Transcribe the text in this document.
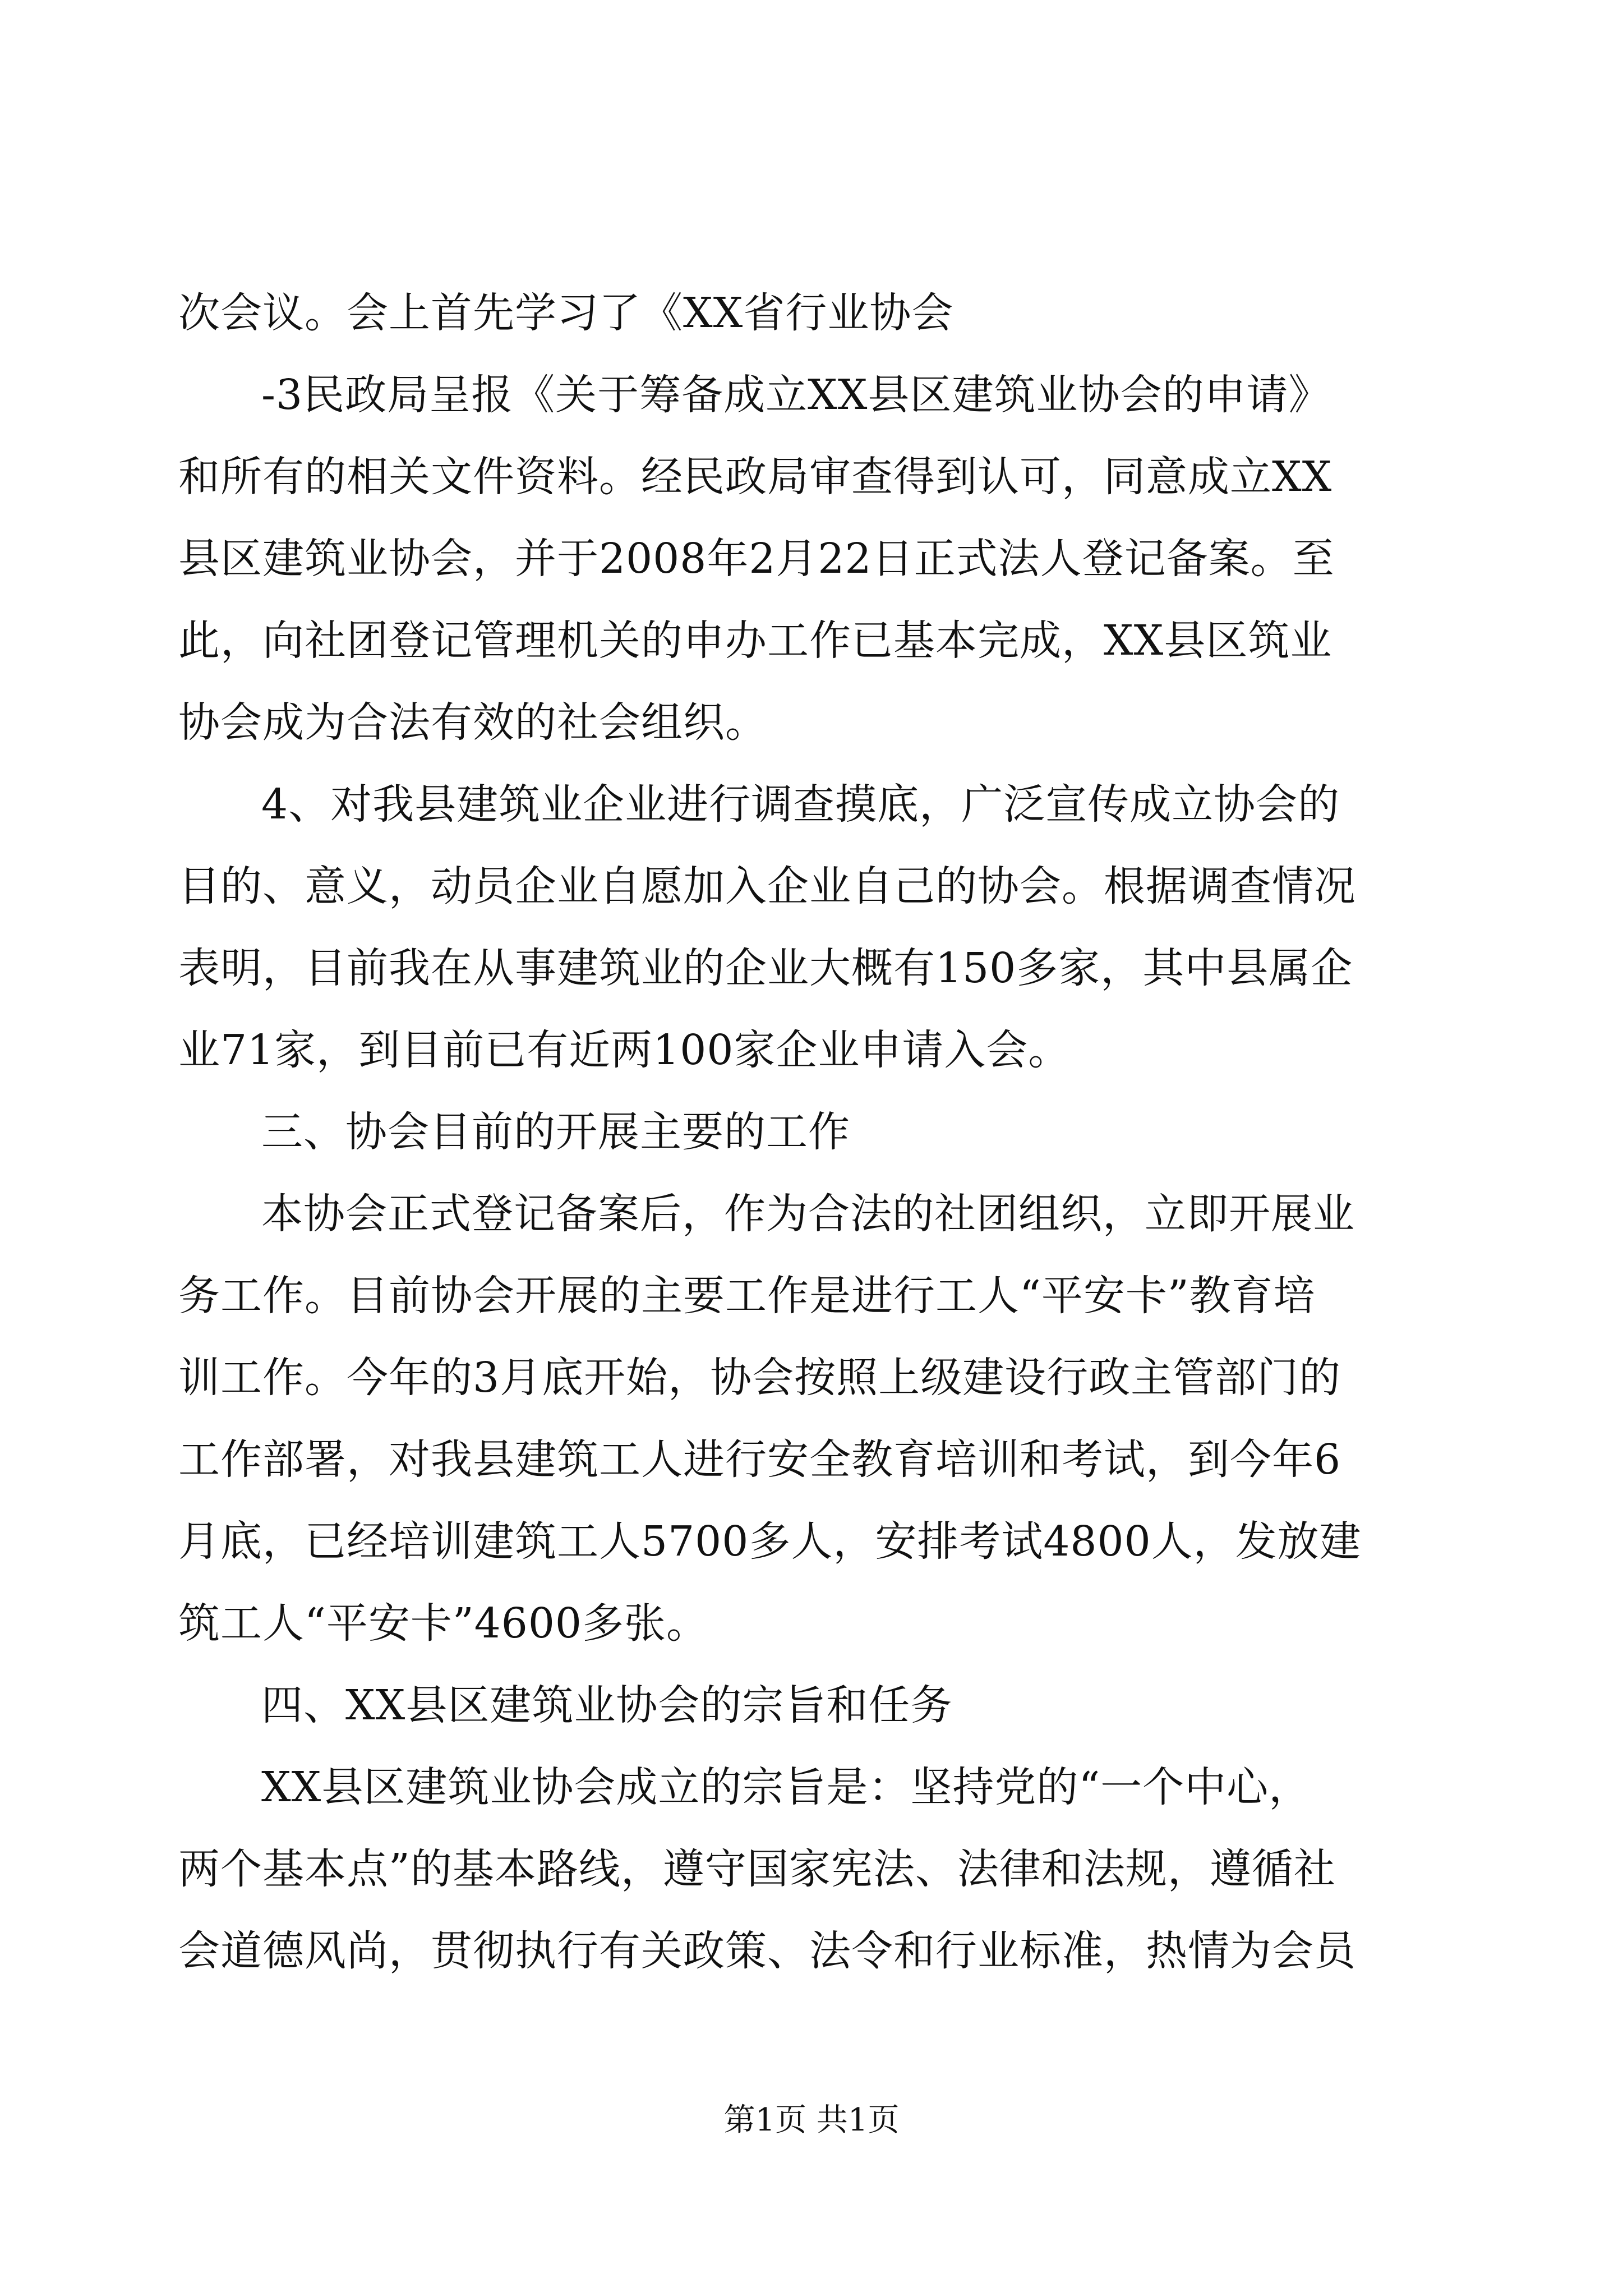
次会议。会上首先学习了《XX省行业协会
-3民政局呈报《关于筹备成立XX县区建筑业协会的申请》
和所有的相关文件资料。经民政局审查得到认可，同意成立XX
县区建筑业协会，并于2008年2月22日正式法人登记备案。至
此，向社团登记管理机关的申办工作已基本完成，XX县区筑业
协会成为合法有效的社会组织。
4、对我县建筑业企业进行调查摸底，广泛宣传成立协会的
目的、意义，动员企业自愿加入企业自己的协会。根据调查情况
表明，目前我在从事建筑业的企业大概有150多家，其中县属企
业71家，到目前已有近两100家企业申请入会。
三、协会目前的开展主要的工作
本协会正式登记备案后，作为合法的社团组织，立即开展业
务工作。目前协会开展的主要工作是进行工人“平安卡”教育培
训工作。今年的3月底开始，协会按照上级建设行政主管部门的
工作部署，对我县建筑工人进行安全教育培训和考试，到今年6
月底，已经培训建筑工人5700多人，安排考试4800人，发放建
筑工人“平安卡”4600多张。
四、XX县区建筑业协会的宗旨和任务
XX县区建筑业协会成立的宗旨是：坚持党的“一个中心，
两个基本点”的基本路线，遵守国家宪法、法律和法规，遵循社
会道德风尚，贯彻执行有关政策、法令和行业标准，热情为会员
第1页 共1页
